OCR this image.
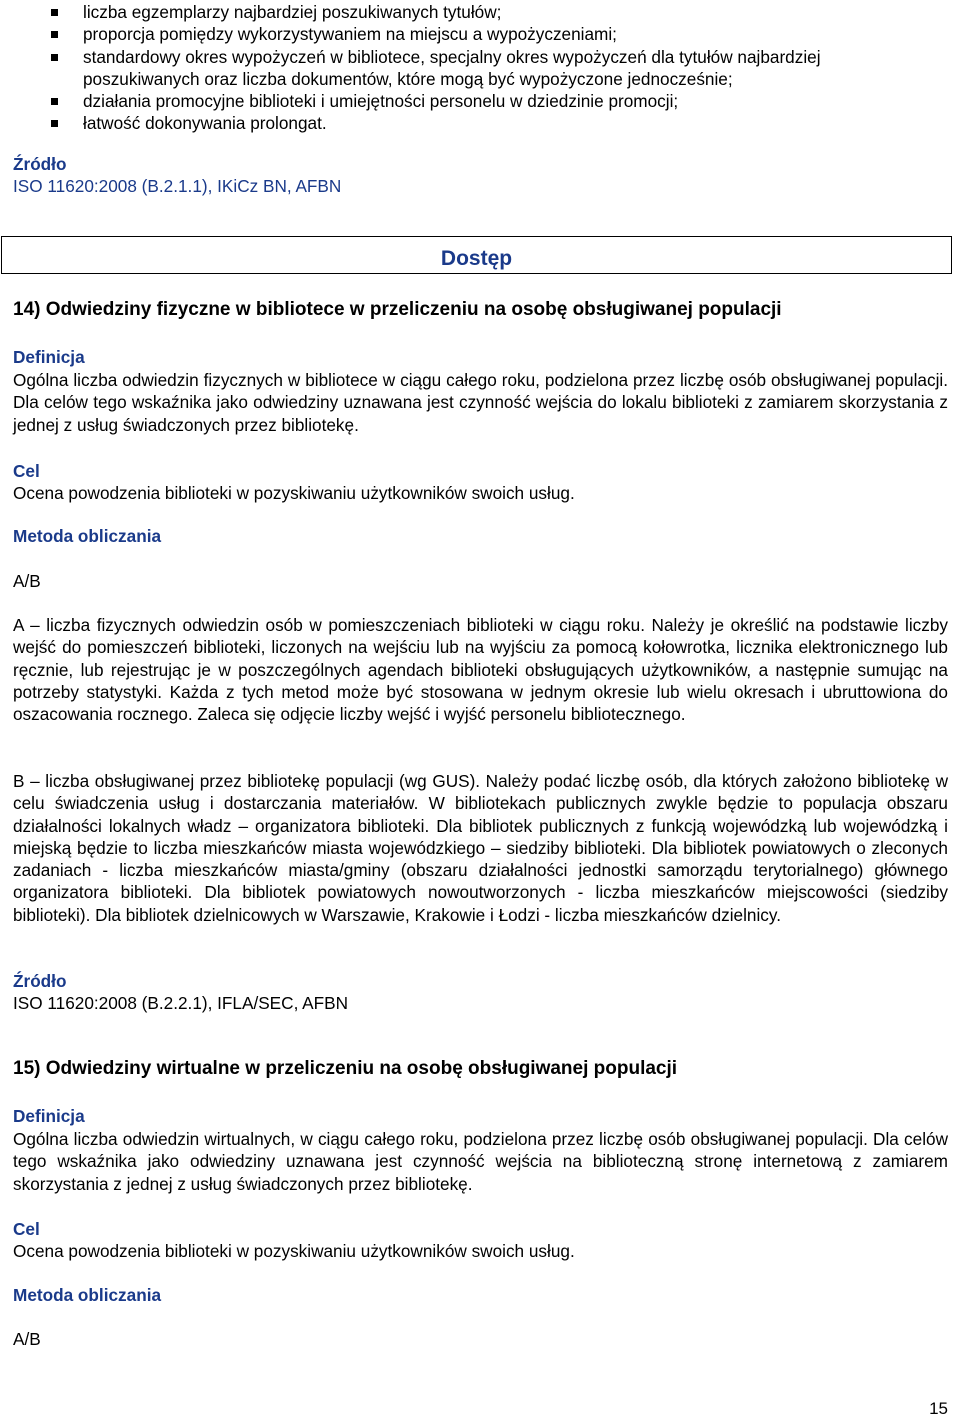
liczba egzemplarzy najbardziej poszukiwanych tytułów;
proporcja pomiędzy wykorzystywaniem na miejscu a wypożyczeniami;
standardowy okres wypożyczeń w bibliotece, specjalny okres wypożyczeń dla tytułów najbardziej poszukiwanych oraz liczba dokumentów, które mogą być wypożyczone jednocześnie;
działania promocyjne biblioteki i umiejętności personelu w dziedzinie promocji;
łatwość dokonywania prolongat.

Źródło

ISO 11620:2008 (B.2.1.1), IKiCz BN, AFBN

Dostęp

14) Odwiedziny fizyczne w bibliotece w przeliczeniu na osobę obsługiwanej populacji

Definicja

Ogólna liczba odwiedzin fizycznych w bibliotece w ciągu całego roku, podzielona przez liczbę osób obsługiwanej populacji. Dla celów tego wskaźnika jako odwiedziny uznawana jest czynność wejścia do lokalu biblioteki z zamiarem skorzystania z jednej z usług świadczonych przez bibliotekę.

Cel

Ocena powodzenia biblioteki w pozyskiwaniu użytkowników swoich usług.

Metoda obliczania

A/B

A – liczba fizycznych odwiedzin osób w pomieszczeniach biblioteki w ciągu roku. Należy je określić na podstawie liczby wejść do pomieszczeń biblioteki, liczonych na wejściu lub na wyjściu za pomocą kołowrotka, licznika elektronicznego lub ręcznie, lub rejestrując je w poszczególnych agendach biblioteki obsługujących użytkowników, a następnie sumując na potrzeby statystyki. Każda z tych metod może być stosowana w jednym okresie lub wielu okresach i ubruttowiona do oszacowania rocznego. Zaleca się odjęcie liczby wejść i wyjść personelu bibliotecznego.

B – liczba obsługiwanej przez bibliotekę populacji (wg GUS). Należy podać liczbę osób, dla których założono bibliotekę w celu świadczenia usług i dostarczania materiałów. W bibliotekach publicznych zwykle będzie to populacja obszaru działalności lokalnych władz – organizatora biblioteki. Dla bibliotek publicznych z funkcją wojewódzką lub wojewódzką i miejską będzie to liczba mieszkańców miasta wojewódzkiego – siedziby biblioteki. Dla bibliotek powiatowych o zleconych zadaniach - liczba mieszkańców miasta/gminy (obszaru działalności jednostki samorządu terytorialnego) głównego organizatora biblioteki. Dla bibliotek powiatowych nowoutworzonych - liczba mieszkańców miejscowości (siedziby biblioteki). Dla bibliotek dzielnicowych w Warszawie, Krakowie i Łodzi - liczba mieszkańców dzielnicy.

Źródło

ISO 11620:2008 (B.2.2.1), IFLA/SEC, AFBN

15) Odwiedziny wirtualne w przeliczeniu na osobę obsługiwanej populacji

Definicja

Ogólna liczba odwiedzin wirtualnych, w ciągu całego roku, podzielona przez liczbę osób obsługiwanej populacji. Dla celów tego wskaźnika jako odwiedziny uznawana jest czynność wejścia na biblioteczną stronę internetową z zamiarem skorzystania z jednej z usług świadczonych przez bibliotekę.

Cel

Ocena powodzenia biblioteki w pozyskiwaniu użytkowników swoich usług.

Metoda obliczania

A/B

15
